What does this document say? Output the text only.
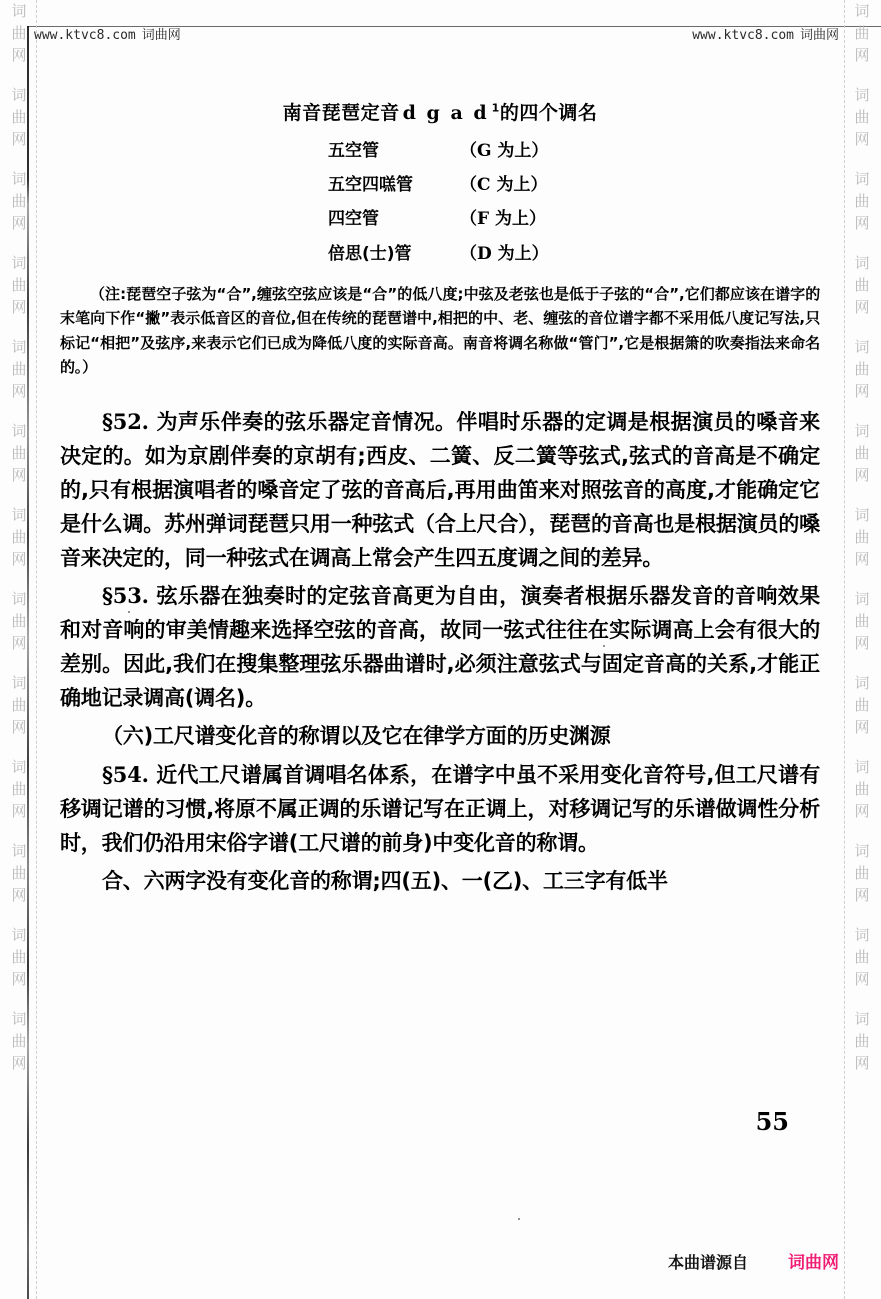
词
曲
网
词
曲
网
词
曲
网
词
曲
网
词
曲
网
词
曲
网
词
曲
网
词
曲
网
词
曲
网
词
曲
网
词
曲
网
词
曲
网
词
曲
网
词
曲
网
词
曲
网
词
曲
网
词
曲
网
词
曲
网
词
曲
网
词
曲
网
词
曲
网
词
曲
网
词
曲
网
词
曲
网
词
曲
网
词
曲
网
www.ktvc8.com 词曲网	www.ktvc8.com 词曲网
南音琵琶定音 d g a d $^1$的四个调名
五空管	（G 为上）
五空四㗝管	（C 为上）
四空管	（F 为上）
倍思(士)管	（D 为上）
（注:琵琶空子弦为“合”,缠弦空弦应该是“合”的低八度;中弦及老弦也是低于子弦的“合”,它们都应该在谱字的末笔向下作“撇”表示低音区的音位,但在传统的琵琶谱中,相把的中、老、缠弦的音位谱字都不采用低八度记写法,只标记“相把”及弦序,来表示它们已成为降低八度的实际音高。南音将调名称做“管门”,它是根据箫的吹奏指法来命名的。）
§52. 为声乐伴奏的弦乐器定音情况。伴唱时乐器的定调是根据演员的嗓音来决定的。如为京剧伴奏的京胡有;西皮、二簧、反二簧等弦式,弦式的音高是不确定的,只有根据演唱者的嗓音定了弦的音高后,再用曲笛来对照弦音的高度,才能确定它是什么调。苏州弹词琵琶只用一种弦式（合上尺合），琵琶的音高也是根据演员的嗓音来决定的，同一种弦式在调高上常会产生四五度调之间的差异。
§53. 弦乐器在独奏时的定弦音高更为自由，演奏者根据乐器发音的音响效果和对音响的审美情趣来选择空弦的音高，故同一弦式往往在实际调高上会有很大的差别。因此,我们在搜集整理弦乐器曲谱时,必须注意弦式与固定音高的关系,才能正确地记录调高(调名)。
（六)工尺谱变化音的称谓以及它在律学方面的历史渊源
§54. 近代工尺谱属首调唱名体系，在谱字中虽不采用变化音符号,但工尺谱有移调记谱的习惯,将原不属正调的乐谱记写在正调上，对移调记写的乐谱做调性分析时，我们仍沿用宋俗字谱(工尺谱的前身)中变化音的称谓。
合、六两字没有变化音的称谓;四(五)、一(乙)、工三字有低半
55
本曲谱源自 词曲网
